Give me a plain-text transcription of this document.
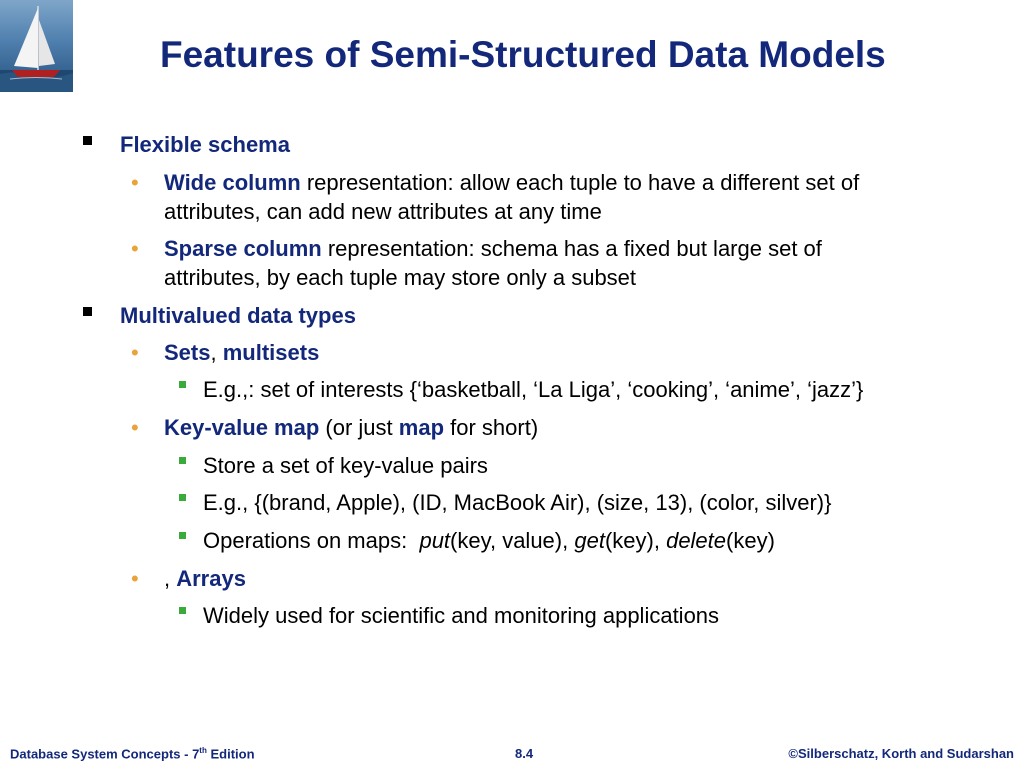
Features of Semi-Structured Data Models
Flexible schema
• Wide column representation: allow each tuple to have a different set of
attributes, can add new attributes at any time
• Sparse column representation: schema has a fixed but large set of
attributes, by each tuple may store only a subset
Multivalued data types
• Sets, multisets
E.g.,: set of interests {‘basketball, ‘La Liga’, ‘cooking’, ‘anime’, ‘jazz’}
• Key-value map (or just map for short)
Store a set of key-value pairs
E.g., {(brand, Apple), (ID, MacBook Air), (size, 13), (color, silver)}
Operations on maps:  put(key, value), get(key), delete(key)
• , Arrays
Widely used for scientific and monitoring applications
Database System Concepts - 7th Edition	8.4	©Silberschatz, Korth and Sudarshan
